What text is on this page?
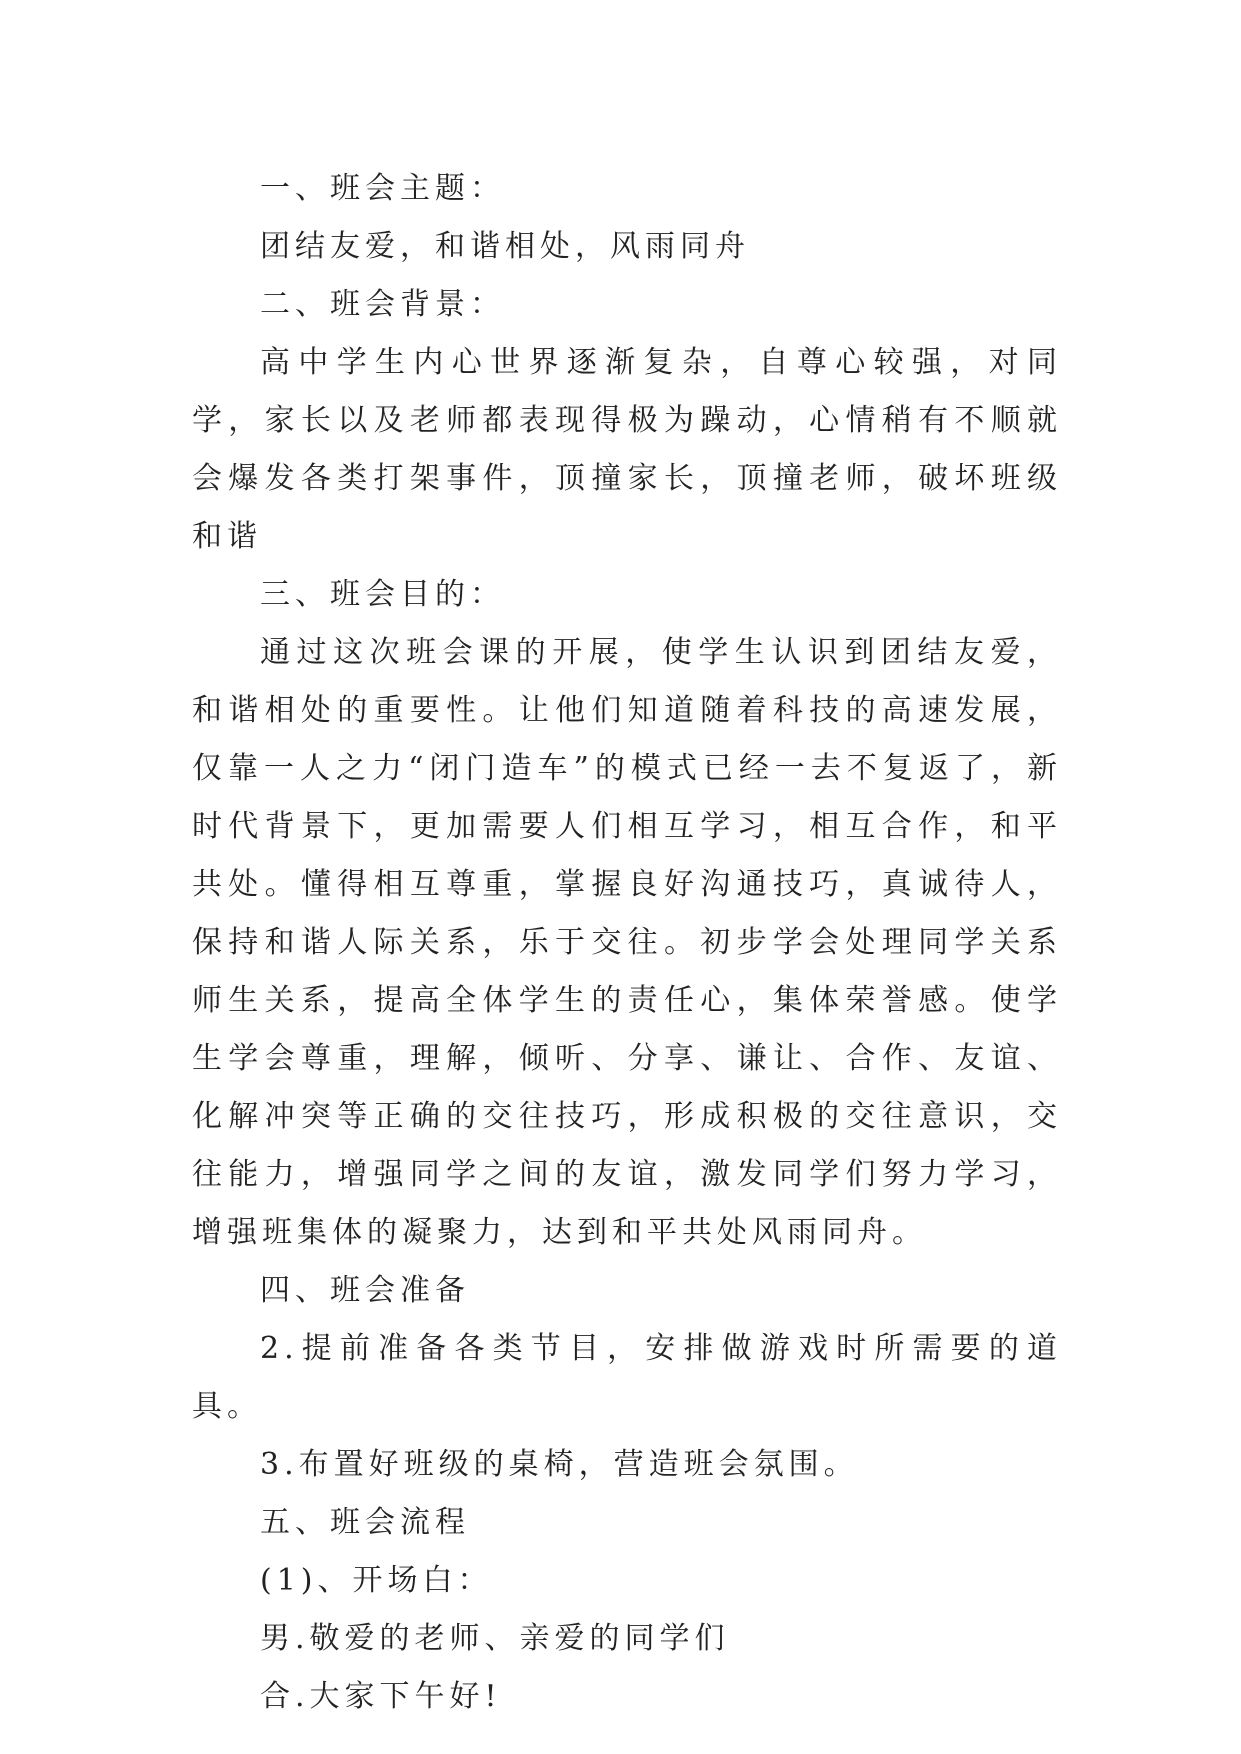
一、班会主题：

团结友爱，和谐相处，风雨同舟

二、班会背景：

高中学生内心世界逐渐复杂，自尊心较强，对同学，家长以及老师都表现得极为躁动，心情稍有不顺就会爆发各类打架事件，顶撞家长，顶撞老师，破坏班级和谐

三、班会目的：

通过这次班会课的开展，使学生认识到团结友爱，和谐相处的重要性。让他们知道随着科技的高速发展，仅靠一人之力“闭门造车”的模式已经一去不复返了，新时代背景下，更加需要人们相互学习，相互合作，和平共处。懂得相互尊重，掌握良好沟通技巧，真诚待人，保持和谐人际关系，乐于交往。初步学会处理同学关系师生关系，提高全体学生的责任心，集体荣誉感。使学生学会尊重，理解，倾听、分享、谦让、合作、友谊、化解冲突等正确的交往技巧，形成积极的交往意识，交往能力，增强同学之间的友谊，激发同学们努力学习，增强班集体的凝聚力，达到和平共处风雨同舟。

四、班会准备

2.提前准备各类节目，安排做游戏时所需要的道具。

3.布置好班级的桌椅，营造班会氛围。

五、班会流程

(1)、开场白：

男.敬爱的老师、亲爱的同学们

合.大家下午好!
